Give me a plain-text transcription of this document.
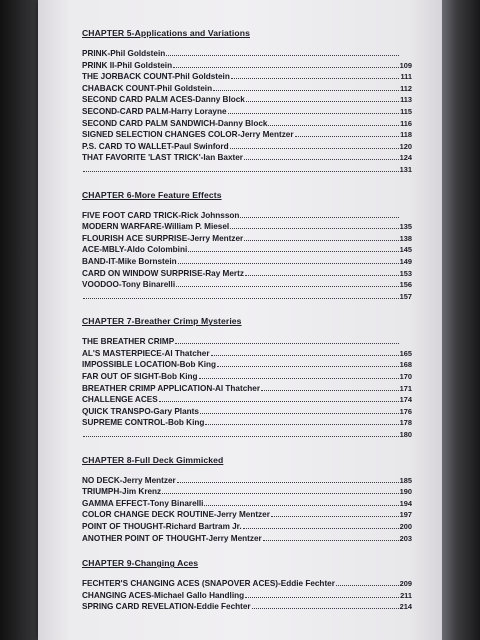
CHAPTER 5-Applications and Variations
PRINK-Phil Goldstein
PRINK II-Phil Goldstein	109
THE JORBACK COUNT-Phil Goldstein	111
CHABACK COUNT-Phil Goldstein	112
SECOND CARD PALM ACES-Danny Block	113
SECOND-CARD PALM-Harry Lorayne	115
SECOND CARD PALM SANDWICH-Danny Block	116
SIGNED SELECTION CHANGES COLOR-Jerry Mentzer	118
P.S. CARD TO WALLET-Paul Swinford	120
THAT FAVORITE 'LAST TRICK'-Ian Baxter	124
131
CHAPTER 6-More Feature Effects
FIVE FOOT CARD TRICK-Rick Johnsson
MODERN WARFARE-William P. Miesel	135
FLOURISH ACE SURPRISE-Jerry Mentzer	138
ACE-MBLY-Aldo Colombini	145
BAND-IT-Mike Bornstein	149
CARD ON WINDOW SURPRISE-Ray Mertz	153
VOODOO-Tony Binarelli	156
157
CHAPTER 7-Breather Crimp Mysteries
THE BREATHER CRIMP
AL'S MASTERPIECE-Al Thatcher	165
IMPOSSIBLE LOCATION-Bob King	168
FAR OUT OF SIGHT-Bob King	170
BREATHER CRIMP APPLICATION-Al Thatcher	171
CHALLENGE ACES	174
QUICK TRANSPO-Gary Plants	176
SUPREME CONTROL-Bob King	178
180
CHAPTER 8-Full Deck Gimmicked
NO DECK-Jerry Mentzer	185
TRIUMPH-Jim Krenz	190
GAMMA EFFECT-Tony Binarelli	194
COLOR CHANGE DECK ROUTINE-Jerry Mentzer	197
POINT OF THOUGHT-Richard Bartram Jr.	200
ANOTHER POINT OF THOUGHT-Jerry Mentzer	203
CHAPTER 9-Changing Aces
FECHTER'S CHANGING ACES (SNAPOVER ACES)-Eddie Fechter	209
CHANGING ACES-Michael Gallo Handling	211
SPRING CARD REVELATION-Eddie Fechter	214
